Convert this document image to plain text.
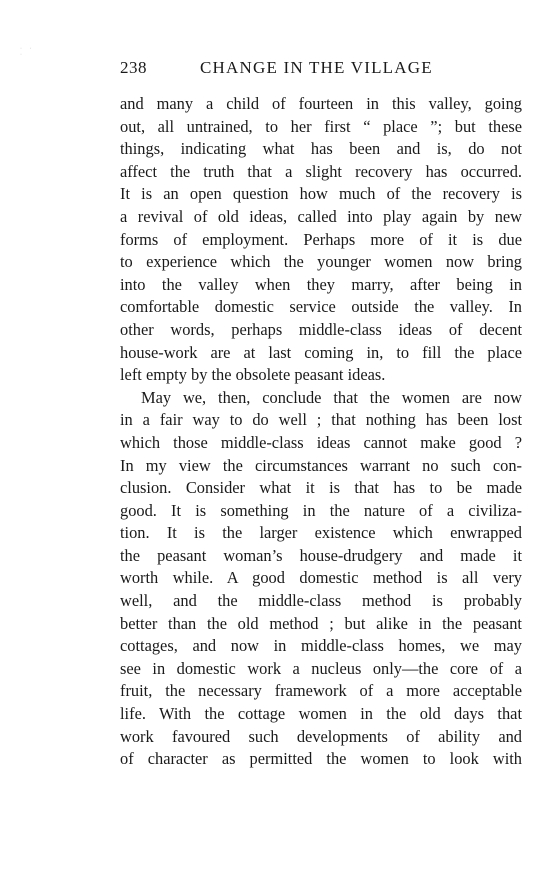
· · ·
238	CHANGE IN THE VILLAGE
and many a child of fourteen in this valley, going
out, all untrained, to her first “ place ”; but these
things, indicating what has been and is, do not
affect the truth that a slight recovery has occurred.
It is an open question how much of the recovery is
a revival of old ideas, called into play again by new
forms of employment. Perhaps more of it is due
to experience which the younger women now bring
into the valley when they marry, after being in
comfortable domestic service outside the valley. In
other words, perhaps middle-class ideas of decent
house-work are at last coming in, to fill the place
left empty by the obsolete peasant ideas.
May we, then, conclude that the women are now
in a fair way to do well ; that nothing has been lost
which those middle-class ideas cannot make good ?
In my view the circumstances warrant no such con-
clusion. Consider what it is that has to be made
good. It is something in the nature of a civiliza-
tion. It is the larger existence which enwrapped
the peasant woman’s house-drudgery and made it
worth while. A good domestic method is all very
well, and the middle-class method is probably
better than the old method ; but alike in the peasant
cottages, and now in middle-class homes, we may
see in domestic work a nucleus only—the core of a
fruit, the necessary framework of a more acceptable
life. With the cottage women in the old days that
work favoured such developments of ability and
of character as permitted the women to look with
